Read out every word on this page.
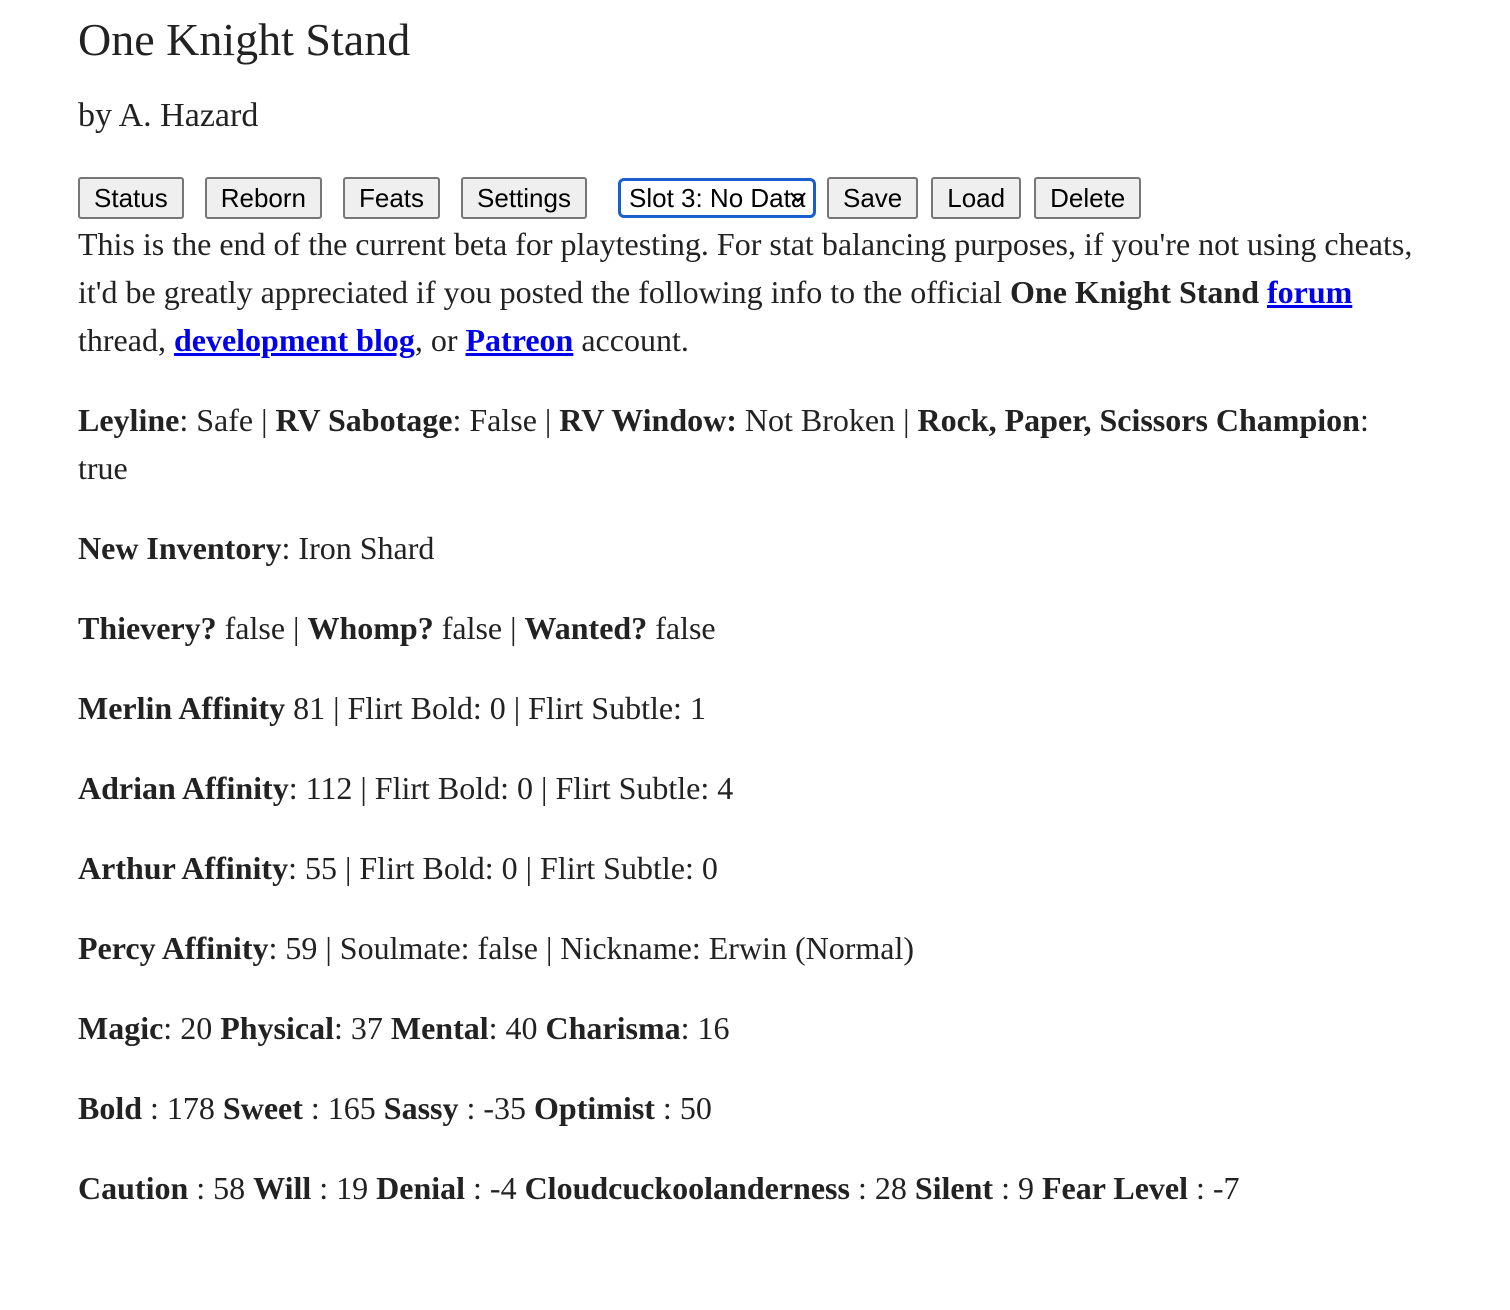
One Knight Stand
by A. Hazard
Status	Reborn	Feats	Settings	Slot 3: No Data	Save	Load	Delete

This is the end of the current beta for playtesting. For stat balancing purposes, if you're not using cheats, it'd be greatly appreciated if you posted the following info to the official One Knight Stand forum thread, development blog, or Patreon account.

Leyline: Safe | RV Sabotage: False | RV Window: Not Broken | Rock, Paper, Scissors Champion: true

New Inventory: Iron Shard

Thievery? false | Whomp? false | Wanted? false

Merlin Affinity 81 | Flirt Bold: 0 | Flirt Subtle: 1

Adrian Affinity: 112 | Flirt Bold: 0 | Flirt Subtle: 4

Arthur Affinity: 55 | Flirt Bold: 0 | Flirt Subtle: 0

Percy Affinity: 59 | Soulmate: false | Nickname: Erwin (Normal)

Magic: 20 Physical: 37 Mental: 40 Charisma: 16

Bold : 178 Sweet : 165 Sassy : -35 Optimist : 50

Caution : 58 Will : 19 Denial : -4 Cloudcuckoolanderness : 28 Silent : 9 Fear Level : -7
